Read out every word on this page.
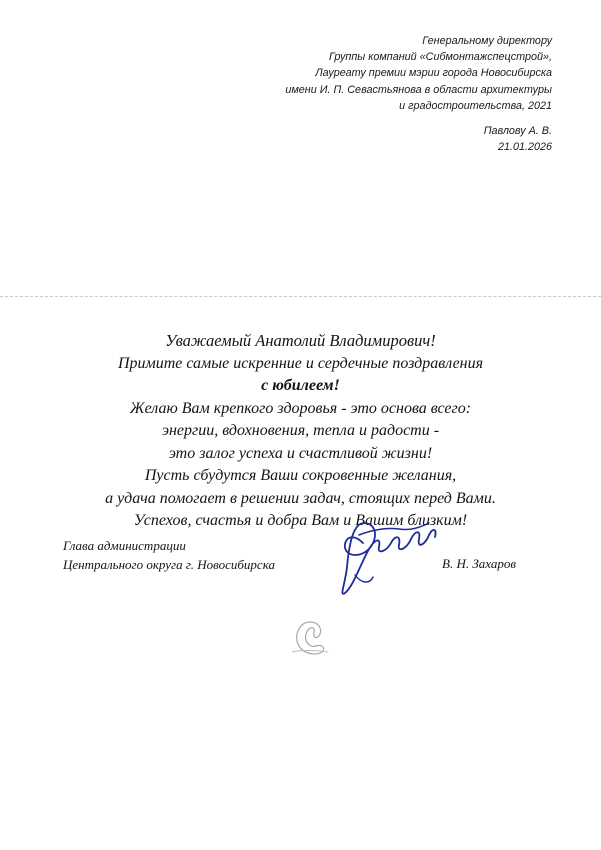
Генеральному директору
Группы компаний «Сибмонтажспецстрой»,
Лауреату премии мэрии города Новосибирска
имени И. П. Севастьянова в области архитектуры
и градостроительства, 2021
Павлову А. В.
21.01.2026
Уважаемый Анатолий Владимирович!
Примите самые искренние и сердечные поздравления
с юбилеем!
Желаю Вам крепкого здоровья - это основа всего:
энергии, вдохновения, тепла и радости -
это залог успеха и счастливой жизни!
Пусть сбудутся Ваши сокровенные желания,
а удача помогает в решении задач, стоящих перед Вами.
Успехов, счастья и добра Вам и Вашим близким!
Глава администрации
Центрального округа г. Новосибирска	В. Н. Захаров
